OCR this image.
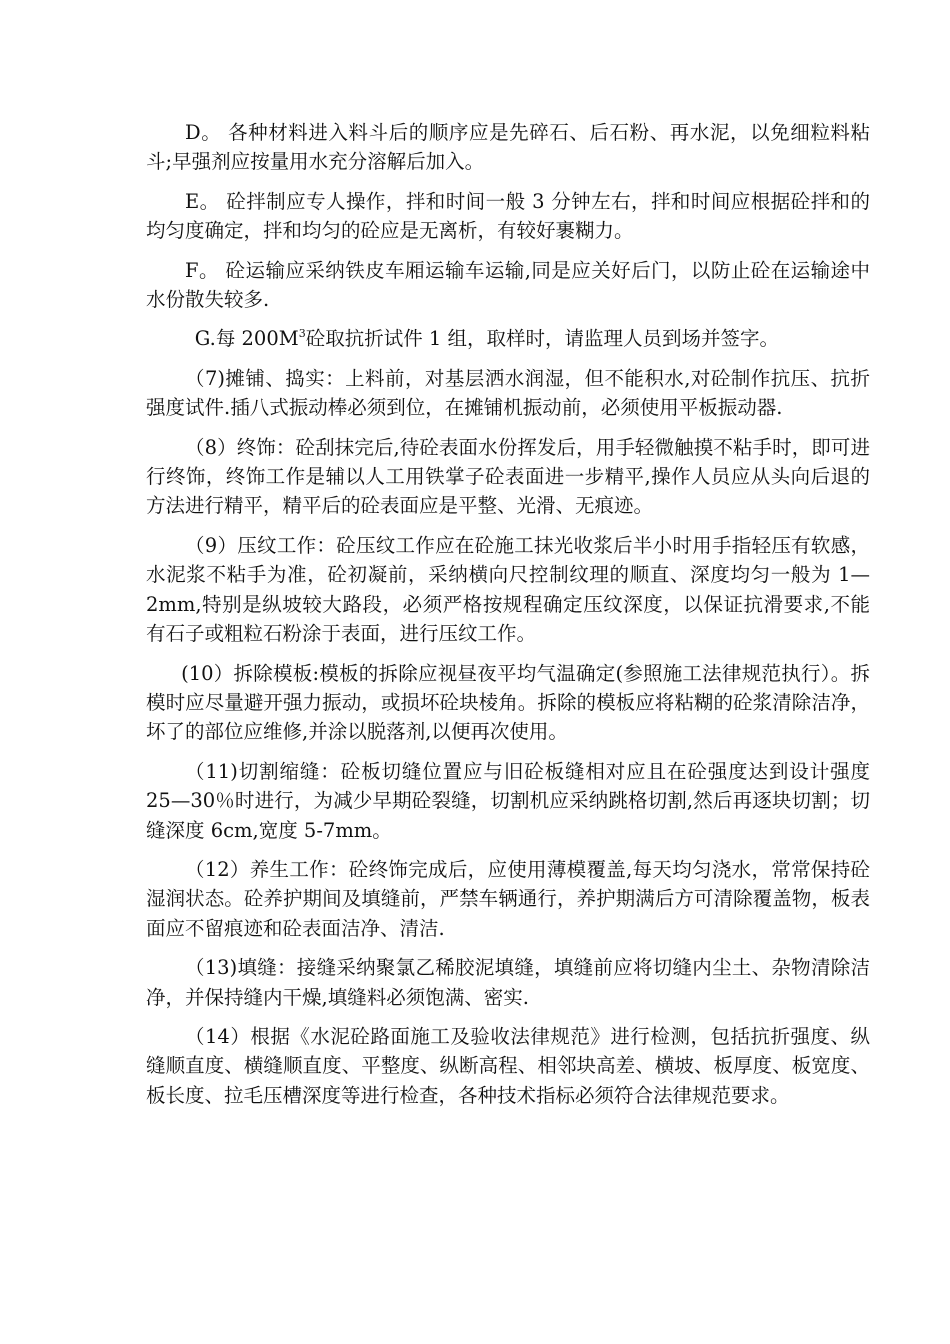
D。 各种材料进入料斗后的顺序应是先碎石、后石粉、再水泥，以免细粒料粘斗;早强剂应按量用水充分溶解后加入。

E。 砼拌制应专人操作，拌和时间一般 3 分钟左右，拌和时间应根据砼拌和的均匀度确定，拌和均匀的砼应是无离析，有较好裹糊力。

F。 砼运输应采纳铁皮车厢运输车运输,同是应关好后门，以防止砼在运输途中水份散失较多.

G.每 $200M^3$砼取抗折试件 1 组，取样时，请监理人员到场并签字。

（7)摊铺、捣实：上料前，对基层洒水润湿，但不能积水,对砼制作抗压、抗折强度试件.插八式振动棒必须到位，在摊铺机振动前，必须使用平板振动器.

（8）终饰：砼刮抹完后,待砼表面水份挥发后，用手轻微触摸不粘手时，即可进行终饰，终饰工作是辅以人工用铁掌子砼表面进一步精平,操作人员应从头向后退的方法进行精平，精平后的砼表面应是平整、光滑、无痕迹。

（9）压纹工作：砼压纹工作应在砼施工抹光收浆后半小时用手指轻压有软感，水泥浆不粘手为准，砼初凝前，采纳横向尺控制纹理的顺直、深度均匀一般为 1—2mm,特别是纵坡较大路段，必须严格按规程确定压纹深度，以保证抗滑要求,不能有石子或粗粒石粉涂于表面，进行压纹工作。

(10）拆除模板:模板的拆除应视昼夜平均气温确定(参照施工法律规范执行）。拆模时应尽量避开强力振动，或损坏砼块棱角。拆除的模板应将粘糊的砼浆清除洁净，坏了的部位应维修,并涂以脱落剂,以便再次使用。

（11)切割缩缝：砼板切缝位置应与旧砼板缝相对应且在砼强度达到设计强度 25—30％时进行，为减少早期砼裂缝，切割机应采纳跳格切割,然后再逐块切割；切缝深度 6cm,宽度 5-7mm。

（12）养生工作：砼终饰完成后，应使用薄模覆盖,每天均匀浇水，常常保持砼湿润状态。砼养护期间及填缝前，严禁车辆通行，养护期满后方可清除覆盖物，板表面应不留痕迹和砼表面洁净、清洁.

（13)填缝：接缝采纳聚氯乙稀胶泥填缝，填缝前应将切缝内尘土、杂物清除洁净，并保持缝内干燥,填缝料必须饱满、密实.

（14）根据《水泥砼路面施工及验收法律规范》进行检测，包括抗折强度、纵缝顺直度、横缝顺直度、平整度、纵断高程、相邻块高差、横坡、板厚度、板宽度、板长度、拉毛压槽深度等进行检查，各种技术指标必须符合法律规范要求。
